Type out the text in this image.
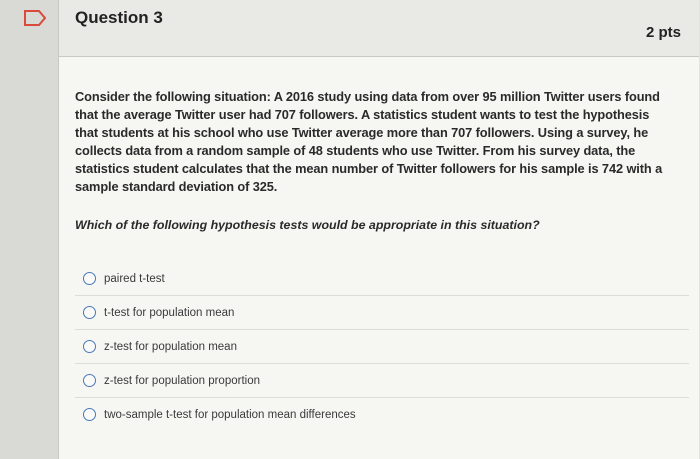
Question 3
2 pts
Consider the following situation: A 2016 study using data from over 95 million Twitter users found that the average Twitter user had 707 followers. A statistics student wants to test the hypothesis that students at his school who use Twitter average more than 707 followers. Using a survey, he collects data from a random sample of 48 students who use Twitter. From his survey data, the statistics student calculates that the mean number of Twitter followers for his sample is 742 with a sample standard deviation of 325.
Which of the following hypothesis tests would be appropriate in this situation?
paired t-test
t-test for population mean
z-test for population mean
z-test for population proportion
two-sample t-test for population mean differences
